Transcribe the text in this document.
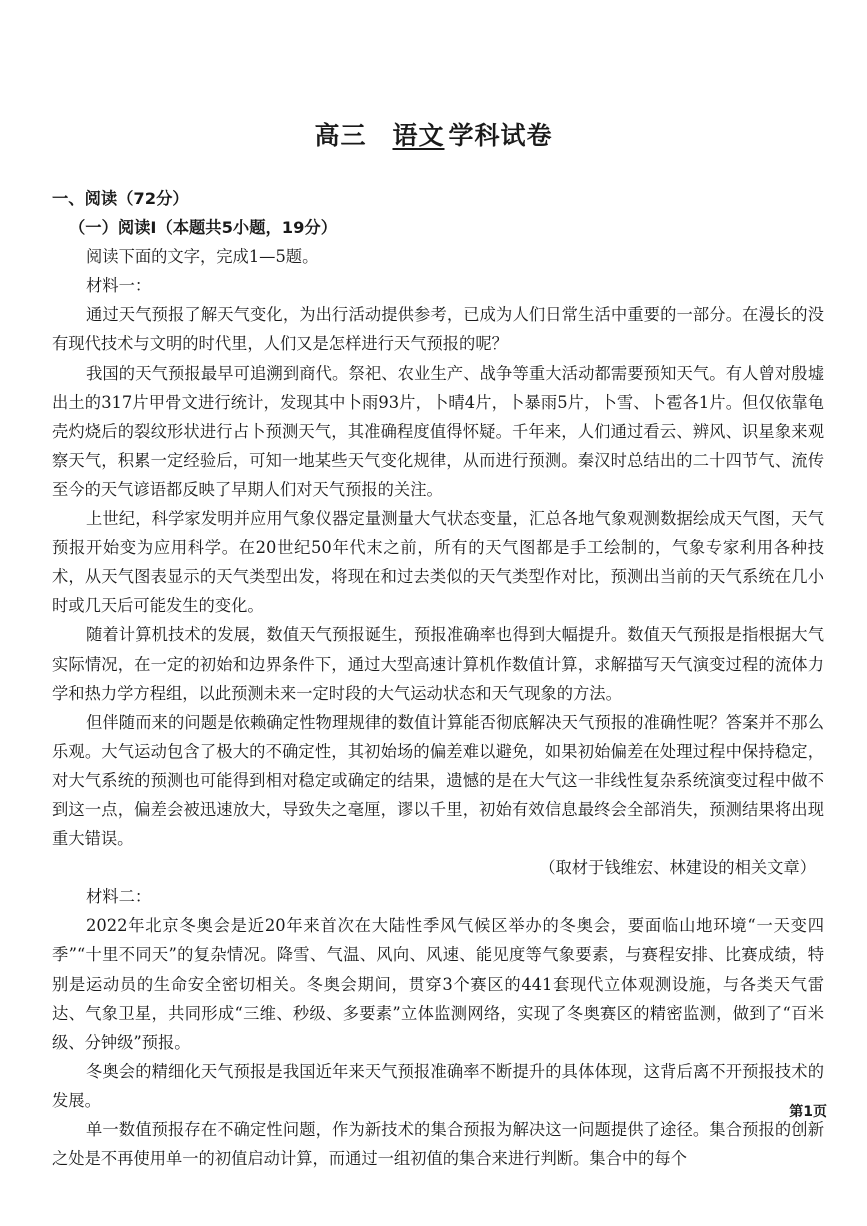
高三 语文 学科试卷

一、阅读（72分）

（一）阅读Ⅰ（本题共5小题，19分）

阅读下面的文字，完成1—5题。

材料一：

通过天气预报了解天气变化，为出行活动提供参考，已成为人们日常生活中重要的一部分。在漫长的没有现代技术与文明的时代里，人们又是怎样进行天气预报的呢？

我国的天气预报最早可追溯到商代。祭祀、农业生产、战争等重大活动都需要预知天气。有人曾对殷墟出土的317片甲骨文进行统计，发现其中卜雨93片，卜晴4片，卜暴雨5片，卜雪、卜雹各1片。但仅依靠龟壳灼烧后的裂纹形状进行占卜预测天气，其准确程度值得怀疑。千年来，人们通过看云、辨风、识星象来观察天气，积累一定经验后，可知一地某些天气变化规律，从而进行预测。秦汉时总结出的二十四节气、流传至今的天气谚语都反映了早期人们对天气预报的关注。

上世纪，科学家发明并应用气象仪器定量测量大气状态变量，汇总各地气象观测数据绘成天气图，天气预报开始变为应用科学。在20世纪50年代末之前，所有的天气图都是手工绘制的，气象专家利用各种技术，从天气图表显示的天气类型出发，将现在和过去类似的天气类型作对比，预测出当前的天气系统在几小时或几天后可能发生的变化。

随着计算机技术的发展，数值天气预报诞生，预报准确率也得到大幅提升。数值天气预报是指根据大气实际情况，在一定的初始和边界条件下，通过大型高速计算机作数值计算，求解描写天气演变过程的流体力学和热力学方程组，以此预测未来一定时段的大气运动状态和天气现象的方法。

但伴随而来的问题是依赖确定性物理规律的数值计算能否彻底解决天气预报的准确性呢？答案并不那么乐观。大气运动包含了极大的不确定性，其初始场的偏差难以避免，如果初始偏差在处理过程中保持稳定，对大气系统的预测也可能得到相对稳定或确定的结果，遗憾的是在大气这一非线性复杂系统演变过程中做不到这一点，偏差会被迅速放大，导致失之毫厘，谬以千里，初始有效信息最终会全部消失，预测结果将出现重大错误。

（取材于钱维宏、林建设的相关文章）

材料二：

2022年北京冬奥会是近20年来首次在大陆性季风气候区举办的冬奥会，要面临山地环境“一天变四季”“十里不同天”的复杂情况。降雪、气温、风向、风速、能见度等气象要素，与赛程安排、比赛成绩，特别是运动员的生命安全密切相关。冬奥会期间，贯穿3个赛区的441套现代立体观测设施，与各类天气雷达、气象卫星，共同形成“三维、秒级、多要素”立体监测网络，实现了冬奥赛区的精密监测，做到了“百米级、分钟级”预报。

冬奥会的精细化天气预报是我国近年来天气预报准确率不断提升的具体体现，这背后离不开预报技术的发展。

单一数值预报存在不确定性问题，作为新技术的集合预报为解决这一问题提供了途径。集合预报的创新之处是不再使用单一的初值启动计算，而通过一组初值的集合来进行判断。集合中的每个

第1页
